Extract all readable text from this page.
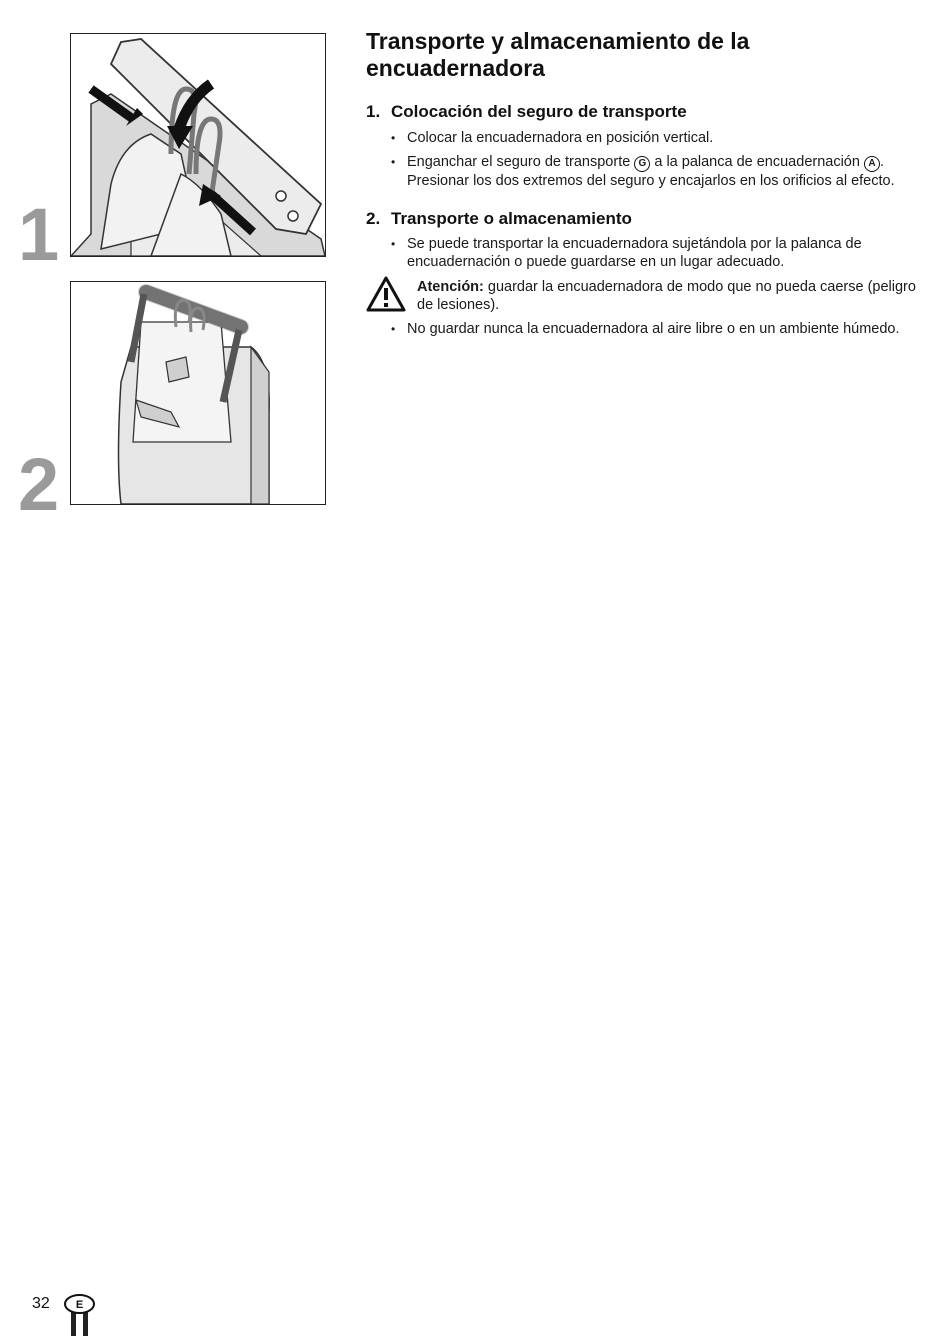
1
2
Transporte y almacenamiento de la encuadernadora
1. Colocación del seguro de transporte
• Colocar la encuadernadora en posición vertical.
• Enganchar el seguro de transporte G a la palanca de encuadernación A . Presionar los dos extremos del seguro y encajarlos en los orificios al efecto.
2. Transporte o almacenamiento
• Se puede transportar la encuadernadora sujetándola por la palanca de encuadernación o puede guardarse en un lugar adecuado.
Atención: guardar la encuadernadora de modo que no pueda caerse (peligro de lesiones).
• No guardar nunca la encuadernadora al aire libre o en un ambiente húmedo.
32 E
